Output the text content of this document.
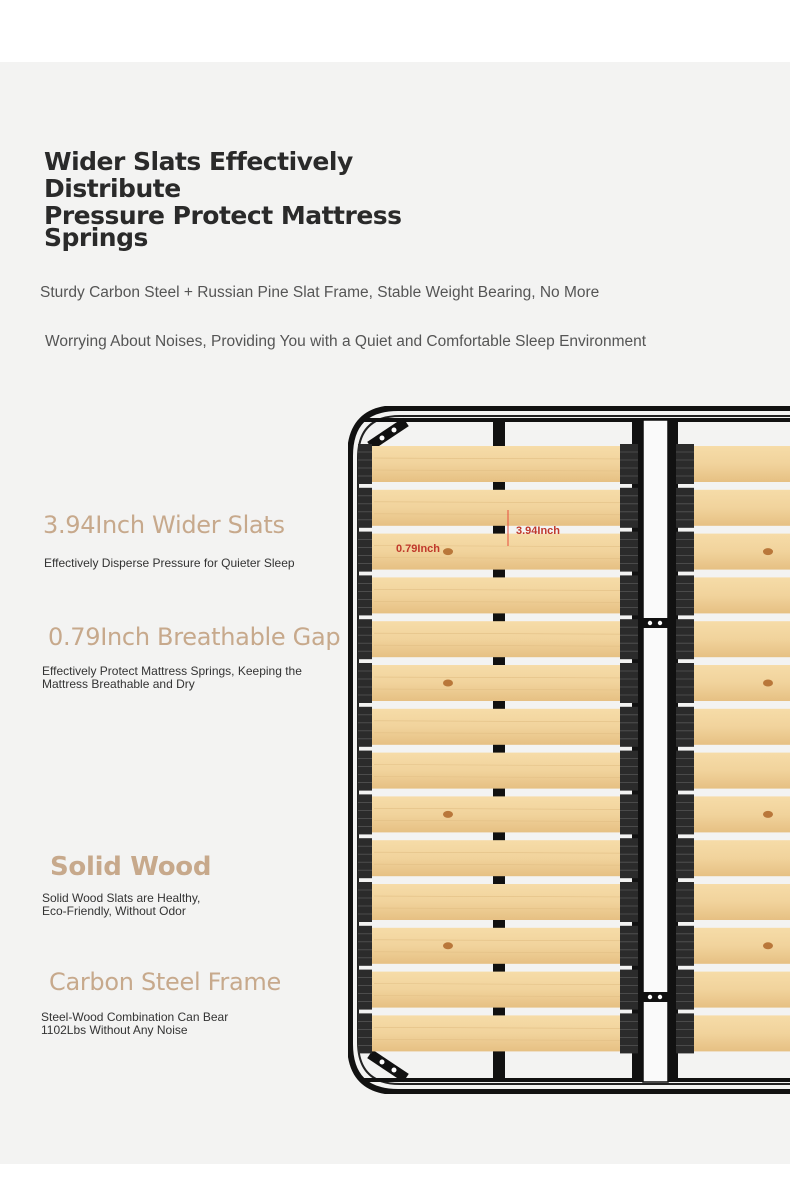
Wider Slats Effectively Distribute
Pressure Protect Mattress
Springs
Sturdy Carbon Steel + Russian Pine Slat Frame, Stable Weight Bearing, No More
Worrying About Noises, Providing You with a Quiet and Comfortable Sleep Environment
3.94Inch Wider Slats
Effectively Disperse Pressure for Quieter Sleep
0.79Inch Breathable Gap
Effectively Protect Mattress Springs, Keeping the
Mattress Breathable and Dry
Solid Wood
Solid Wood Slats are Healthy,
Eco-Friendly, Without Odor
Carbon Steel Frame
Steel-Wood Combination Can Bear
1102Lbs Without Any Noise
3.94Inch
0.79Inch
